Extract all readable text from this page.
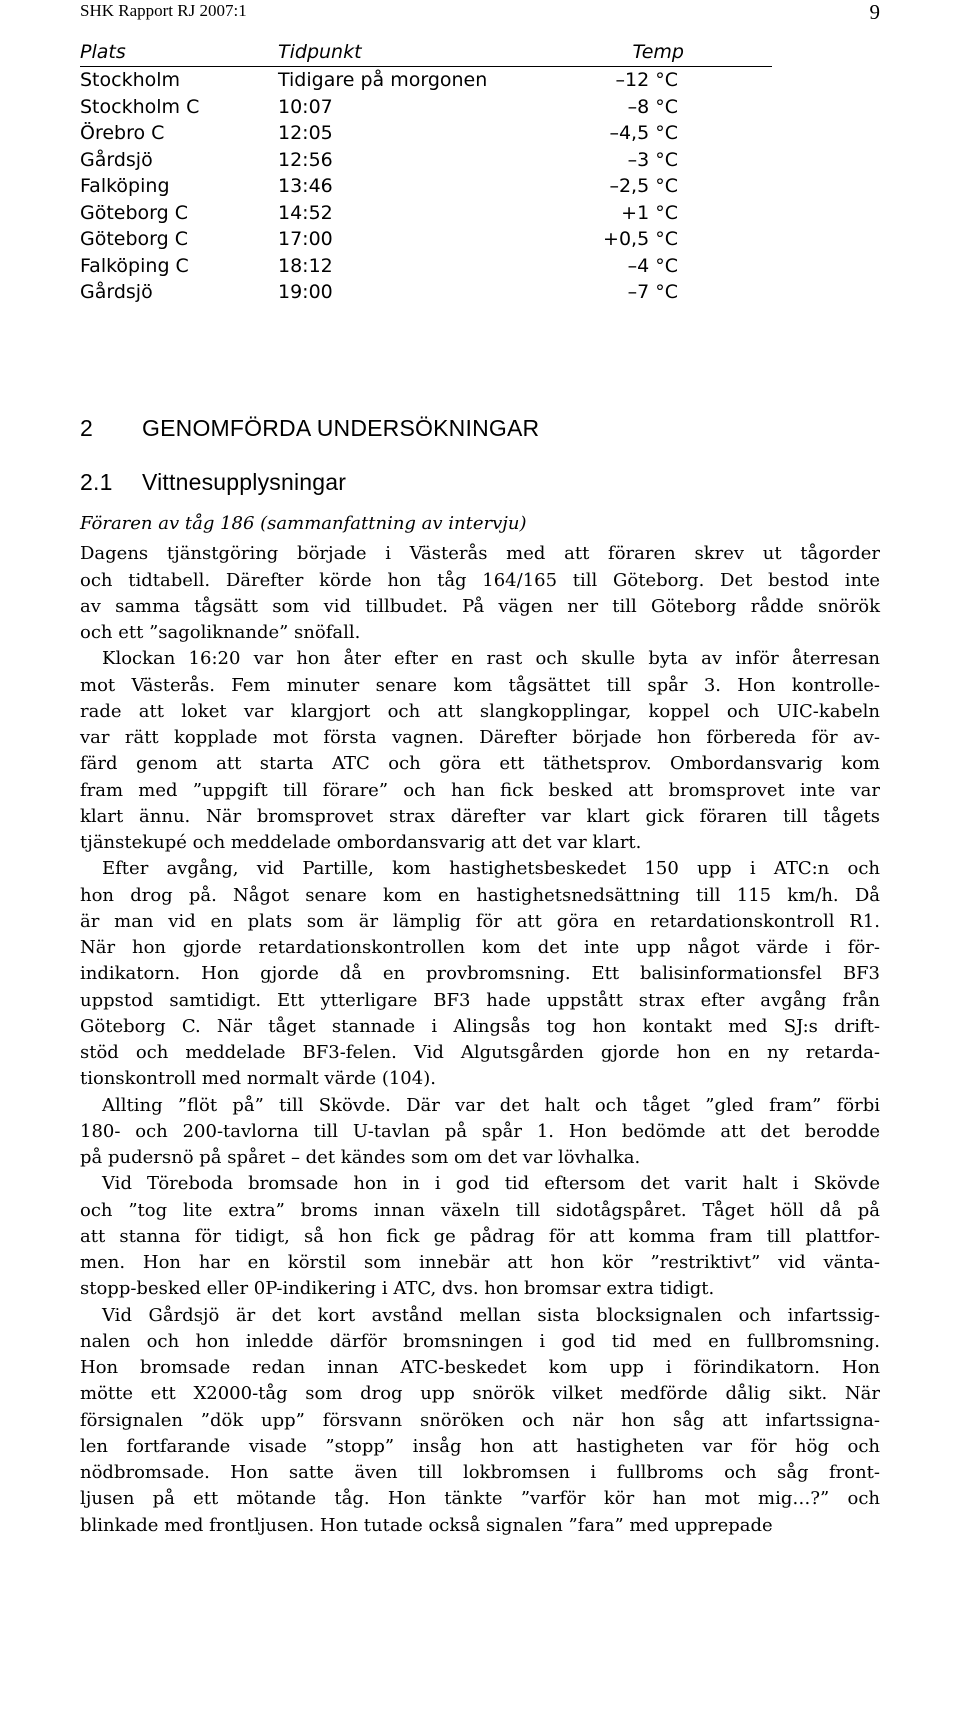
SHK Rapport RJ 2007:1	9
Plats	Tidpunkt	Temp
Stockholm	Tidigare på morgonen	–12 °C
Stockholm C	10:07	–8 °C
Örebro C	12:05	–4,5 °C
Gårdsjö	12:56	–3 °C
Falköping	13:46	–2,5 °C
Göteborg C	14:52	+1 °C
Göteborg C	17:00	+0,5 °C
Falköping C	18:12	–4 °C
Gårdsjö	19:00	–7 °C
2 GENOMFÖRDA UNDERSÖKNINGAR
2.1 Vittnesupplysningar

Föraren av tåg 186 (sammanfattning av intervju)

Dagens tjänstgöring började i Västerås med att föraren skrev ut tågorder
och tidtabell. Därefter körde hon tåg 164/165 till Göteborg. Det bestod inte
av samma tågsätt som vid tillbudet. På vägen ner till Göteborg rådde snörök
och ett ”sagoliknande” snöfall.

Klockan 16:20 var hon åter efter en rast och skulle byta av inför återresan
mot Västerås. Fem minuter senare kom tågsättet till spår 3. Hon kontrolle-
rade att loket var klargjort och att slangkopplingar, koppel och UIC-kabeln
var rätt kopplade mot första vagnen. Därefter började hon förbereda för av-
färd genom att starta ATC och göra ett täthetsprov. Ombordansvarig kom
fram med ”uppgift till förare” och han fick besked att bromsprovet inte var
klart ännu. När bromsprovet strax därefter var klart gick föraren till tågets
tjänstekupé och meddelade ombordansvarig att det var klart.

Efter avgång, vid Partille, kom hastighetsbeskedet 150 upp i ATC:n och
hon drog på. Något senare kom en hastighetsnedsättning till 115 km/h. Då
är man vid en plats som är lämplig för att göra en retardationskontroll R1.
När hon gjorde retardationskontrollen kom det inte upp något värde i för-
indikatorn. Hon gjorde då en provbromsning. Ett balisinformationsfel BF3
uppstod samtidigt. Ett ytterligare BF3 hade uppstått strax efter avgång från
Göteborg C. När tåget stannade i Alingsås tog hon kontakt med SJ:s drift-
stöd och meddelade BF3-felen. Vid Algutsgården gjorde hon en ny retarda-
tionskontroll med normalt värde (104).

Allting ”flöt på” till Skövde. Där var det halt och tåget ”gled fram” förbi
180- och 200-tavlorna till U-tavlan på spår 1. Hon bedömde att det berodde
på pudersnö på spåret – det kändes som om det var lövhalka.

Vid Töreboda bromsade hon in i god tid eftersom det varit halt i Skövde
och ”tog lite extra” broms innan växeln till sidotågspåret. Tåget höll då på
att stanna för tidigt, så hon fick ge pådrag för att komma fram till plattfor-
men. Hon har en körstil som innebär att hon kör ”restriktivt” vid vänta-
stopp-besked eller 0P-indikering i ATC, dvs. hon bromsar extra tidigt.

Vid Gårdsjö är det kort avstånd mellan sista blocksignalen och infartssig-
nalen och hon inledde därför bromsningen i god tid med en fullbromsning.
Hon bromsade redan innan ATC-beskedet kom upp i förindikatorn. Hon
mötte ett X2000-tåg som drog upp snörök vilket medförde dålig sikt. När
försignalen ”dök upp” försvann snöröken och när hon såg att infartssigna-
len fortfarande visade ”stopp” insåg hon att hastigheten var för hög och
nödbromsade. Hon satte även till lokbromsen i fullbroms och såg front-
ljusen på ett mötande tåg. Hon tänkte ”varför kör han mot mig…?” och
blinkade med frontljusen. Hon tutade också signalen ”fara” med upprepade
